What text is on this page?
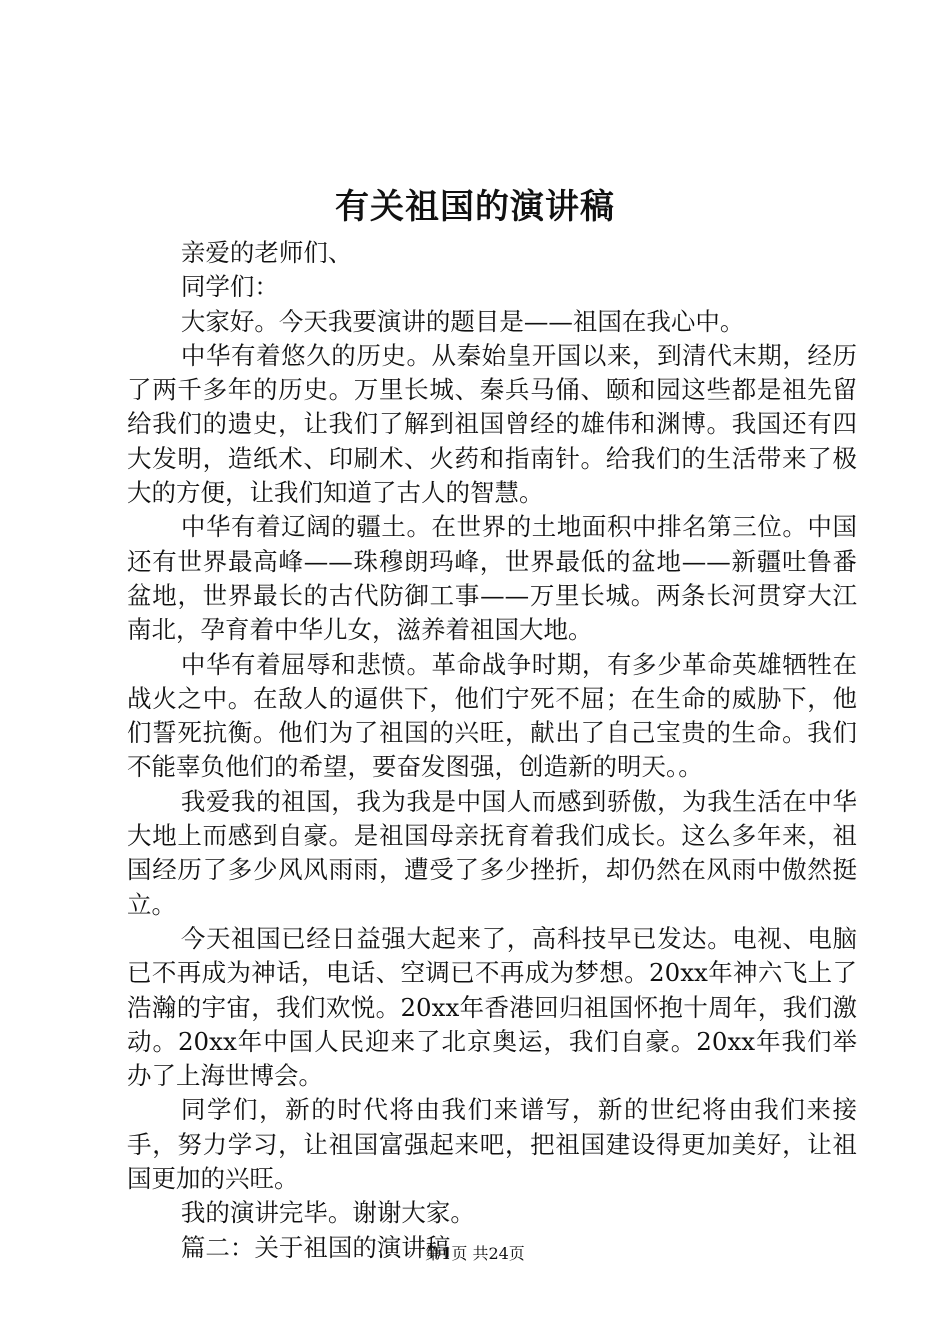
有关祖国的演讲稿

亲爱的老师们、

同学们：

大家好。今天我要演讲的题目是——祖国在我心中。

中华有着悠久的历史。从秦始皇开国以来，到清代末期，经历了两千多年的历史。万里长城、秦兵马俑、颐和园这些都是祖先留给我们的遗史，让我们了解到祖国曾经的雄伟和渊博。我国还有四大发明，造纸术、印刷术、火药和指南针。给我们的生活带来了极大的方便，让我们知道了古人的智慧。

中华有着辽阔的疆土。在世界的土地面积中排名第三位。中国还有世界最高峰——珠穆朗玛峰，世界最低的盆地——新疆吐鲁番盆地，世界最长的古代防御工事——万里长城。两条长河贯穿大江南北，孕育着中华儿女，滋养着祖国大地。

中华有着屈辱和悲愤。革命战争时期，有多少革命英雄牺牲在战火之中。在敌人的逼供下，他们宁死不屈；在生命的威胁下，他们誓死抗衡。他们为了祖国的兴旺，献出了自己宝贵的生命。我们不能辜负他们的希望，要奋发图强，创造新的明天。。

我爱我的祖国，我为我是中国人而感到骄傲，为我生活在中华大地上而感到自豪。是祖国母亲抚育着我们成长。这么多年来，祖国经历了多少风风雨雨，遭受了多少挫折，却仍然在风雨中傲然挺立。

今天祖国已经日益强大起来了，高科技早已发达。电视、电脑已不再成为神话，电话、空调已不再成为梦想。20xx年神六飞上了浩瀚的宇宙，我们欢悦。20xx年香港回归祖国怀抱十周年，我们激动。20xx年中国人民迎来了北京奥运，我们自豪。20xx年我们举办了上海世博会。

同学们，新的时代将由我们来谱写，新的世纪将由我们来接手，努力学习，让祖国富强起来吧，把祖国建设得更加美好，让祖国更加的兴旺。

我的演讲完毕。谢谢大家。

篇二：关于祖国的演讲稿

第1页 共24页
